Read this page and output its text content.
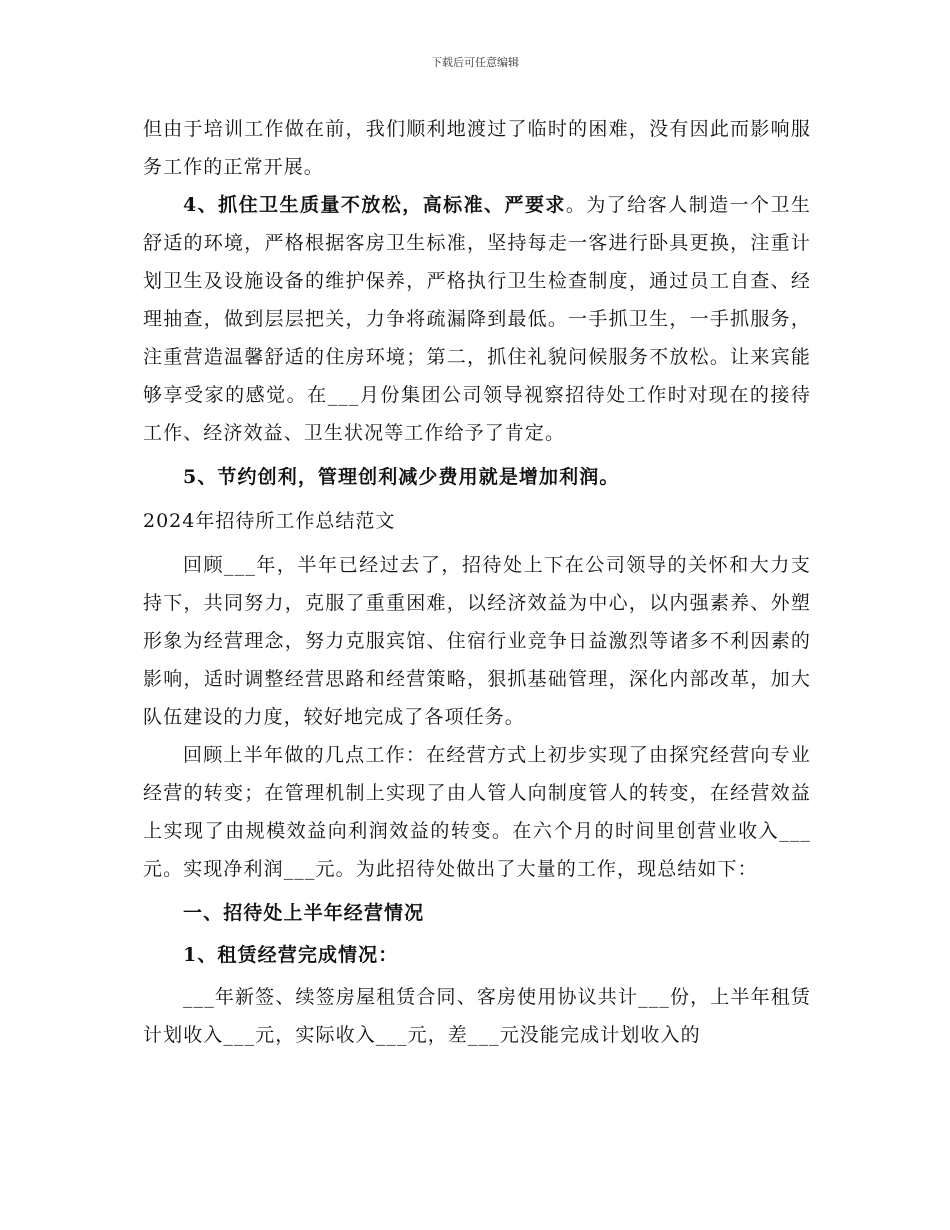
下载后可任意编辑

但由于培训工作做在前，我们顺利地渡过了临时的困难，没有因此而影响服务工作的正常开展。

4、抓住卫生质量不放松，高标准、严要求。为了给客人制造一个卫生舒适的环境，严格根据客房卫生标准，坚持每走一客进行卧具更换，注重计划卫生及设施设备的维护保养，严格执行卫生检查制度，通过员工自查、经理抽查，做到层层把关，力争将疏漏降到最低。一手抓卫生，一手抓服务，注重营造温馨舒适的住房环境；第二，抓住礼貌问候服务不放松。让来宾能够享受家的感觉。在___月份集团公司领导视察招待处工作时对现在的接待工作、经济效益、卫生状况等工作给予了肯定。

5、节约创利，管理创利减少费用就是增加利润。

2024年招待所工作总结范文

回顾___年，半年已经过去了，招待处上下在公司领导的关怀和大力支持下，共同努力，克服了重重困难，以经济效益为中心，以内强素养、外塑形象为经营理念，努力克服宾馆、住宿行业竞争日益激烈等诸多不利因素的影响，适时调整经营思路和经营策略，狠抓基础管理，深化内部改革，加大队伍建设的力度，较好地完成了各项任务。

回顾上半年做的几点工作：在经营方式上初步实现了由探究经营向专业经营的转变；在管理机制上实现了由人管人向制度管人的转变，在经营效益上实现了由规模效益向利润效益的转变。在六个月的时间里创营业收入___元。实现净利润___元。为此招待处做出了大量的工作，现总结如下：

一、招待处上半年经营情况

1、租赁经营完成情况：

___年新签、续签房屋租赁合同、客房使用协议共计___份，上半年租赁计划收入___元，实际收入___元，差___元没能完成计划收入的
